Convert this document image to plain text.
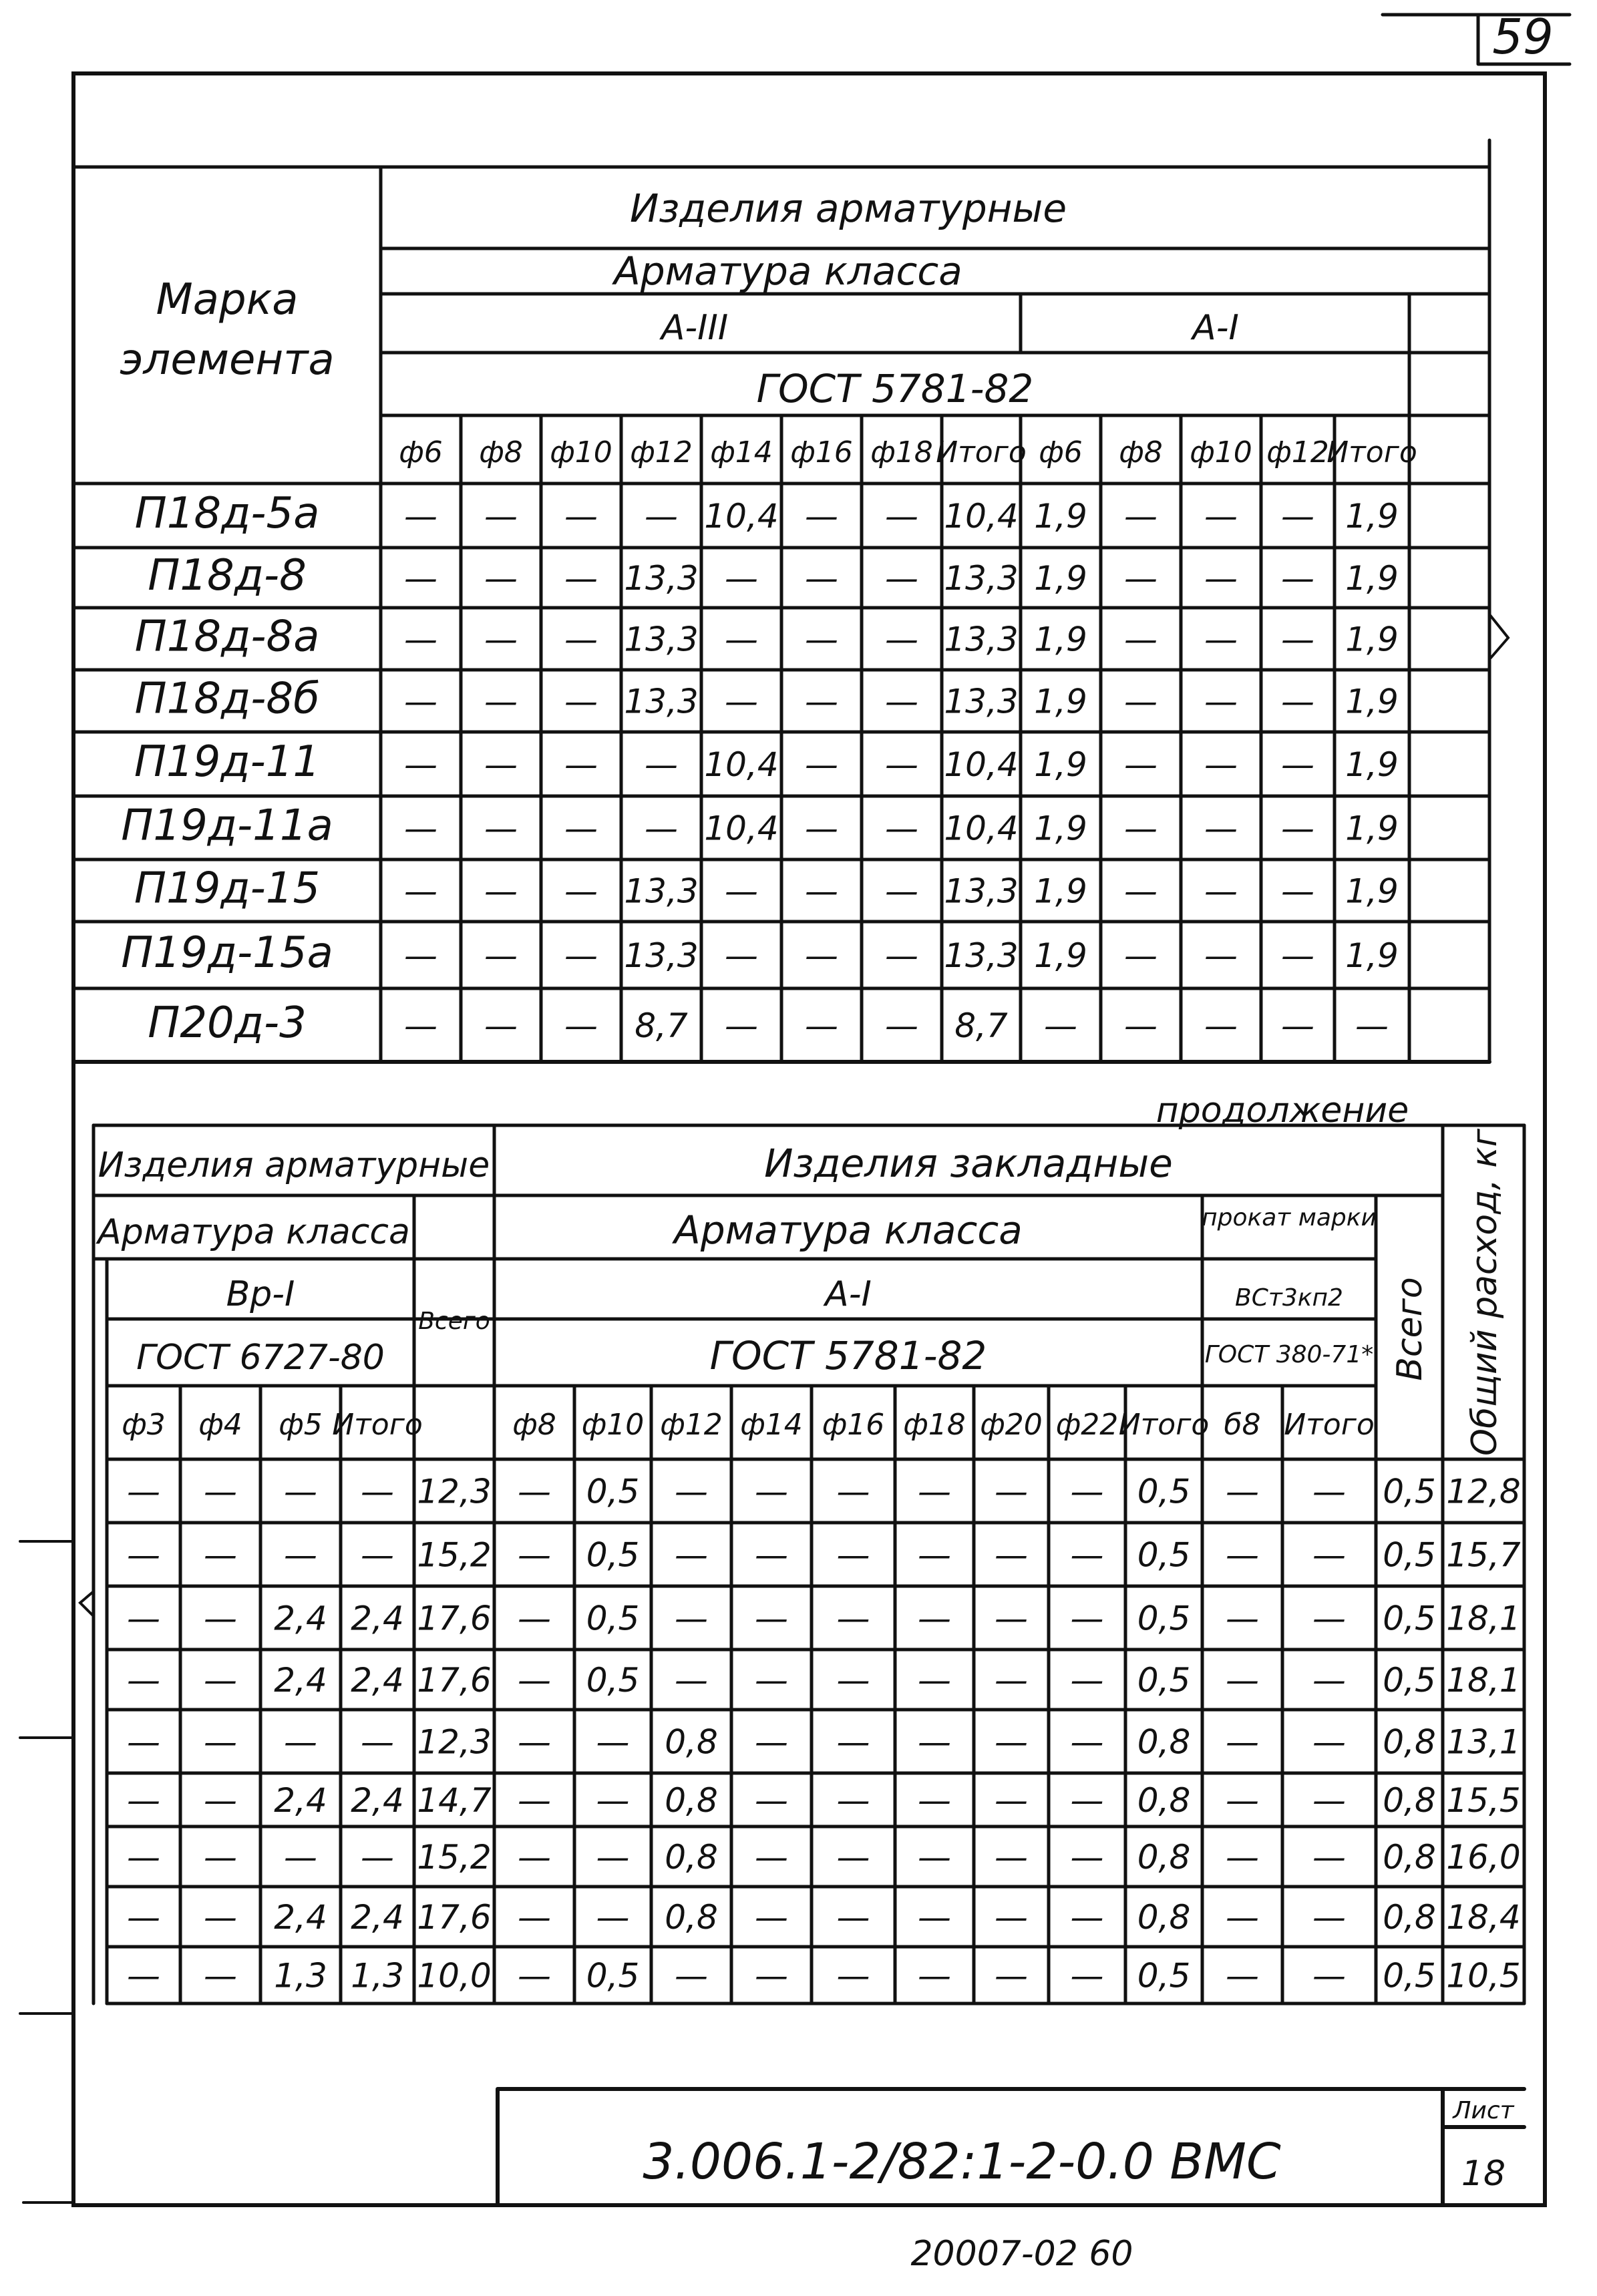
59
Марка
элемента
Изделия арматурные
Арматура класса
А-III	А-I
ГОСТ 5781-82
ф6 ф8 ф10 ф12 ф14 ф16 ф18 Итого ф6 ф8 ф10 ф12
Итого
П18д-5а
П18д-8
П18д-8а
П18д-8б
П19д-11
П19д-11а
П19д-15
П19д-15а
П20д-3
— — — — 10,4 — — 10,4 1,9 — — — 1,9
— — — 13,3 — — — 13,3 1,9 — — — 1,9
— — — 13,3 — — — 13,3 1,9 — — — 1,9
— — — 13,3 — — — 13,3 1,9 — — — 1,9
— — — — 10,4 — — 10,4 1,9 — — — 1,9
— — — — 10,4 — — 10,4 1,9 — — — 1,9
— — — 13,3 — — — 13,3 1,9 — — — 1,9
— — — 13,3 — — — 13,3 1,9 — — — 1,9
— — — 8,7 — — — 8,7 — — — — —
продолжение
Изделия арматурные
Арматура класса
Вр-I
ГОСТ 6727-80
Всего
Изделия закладные
Арматура класса
А-I
ГОСТ 5781-82
прокат марки
ВСт3кп2
ГОСТ 380-71* Всего Общий расход, кг
ф3 ф4 ф5 Итого	ф8 ф10 ф12 ф14 ф16 ф18 ф20 ф22 Итого б8 Итого
— — — — 12,3 — 0,5 — — — — — — 0,5 — — 0,5 12,8
— — — — 15,2 — 0,5 — — — — — — 0,5 — — 0,5 15,7
— — 2,4 2,4 17,6 — 0,5 — — — — — — 0,5 — — 0,5 18,1
— — 2,4 2,4 17,6 — 0,5 — — — — — — 0,5 — — 0,5 18,1
— — — — 12,3 — — 0,8 — — — — — 0,8 — — 0,8 13,1
— — 2,4 2,4 14,7 — — 0,8 — — — — — 0,8 — — 0,8 15,5
— — — — 15,2 — — 0,8 — — — — — 0,8 — — 0,8 16,0
— — 2,4 2,4 17,6 — — 0,8 — — — — — 0,8 — — 0,8 18,4
— — 1,3 1,3 10,0 — 0,5 — — — — — — 0,5 — — 0,5 10,5
3.006.1-2/82:1-2-0.0 ВМС
Лист
18
20007-02 60
